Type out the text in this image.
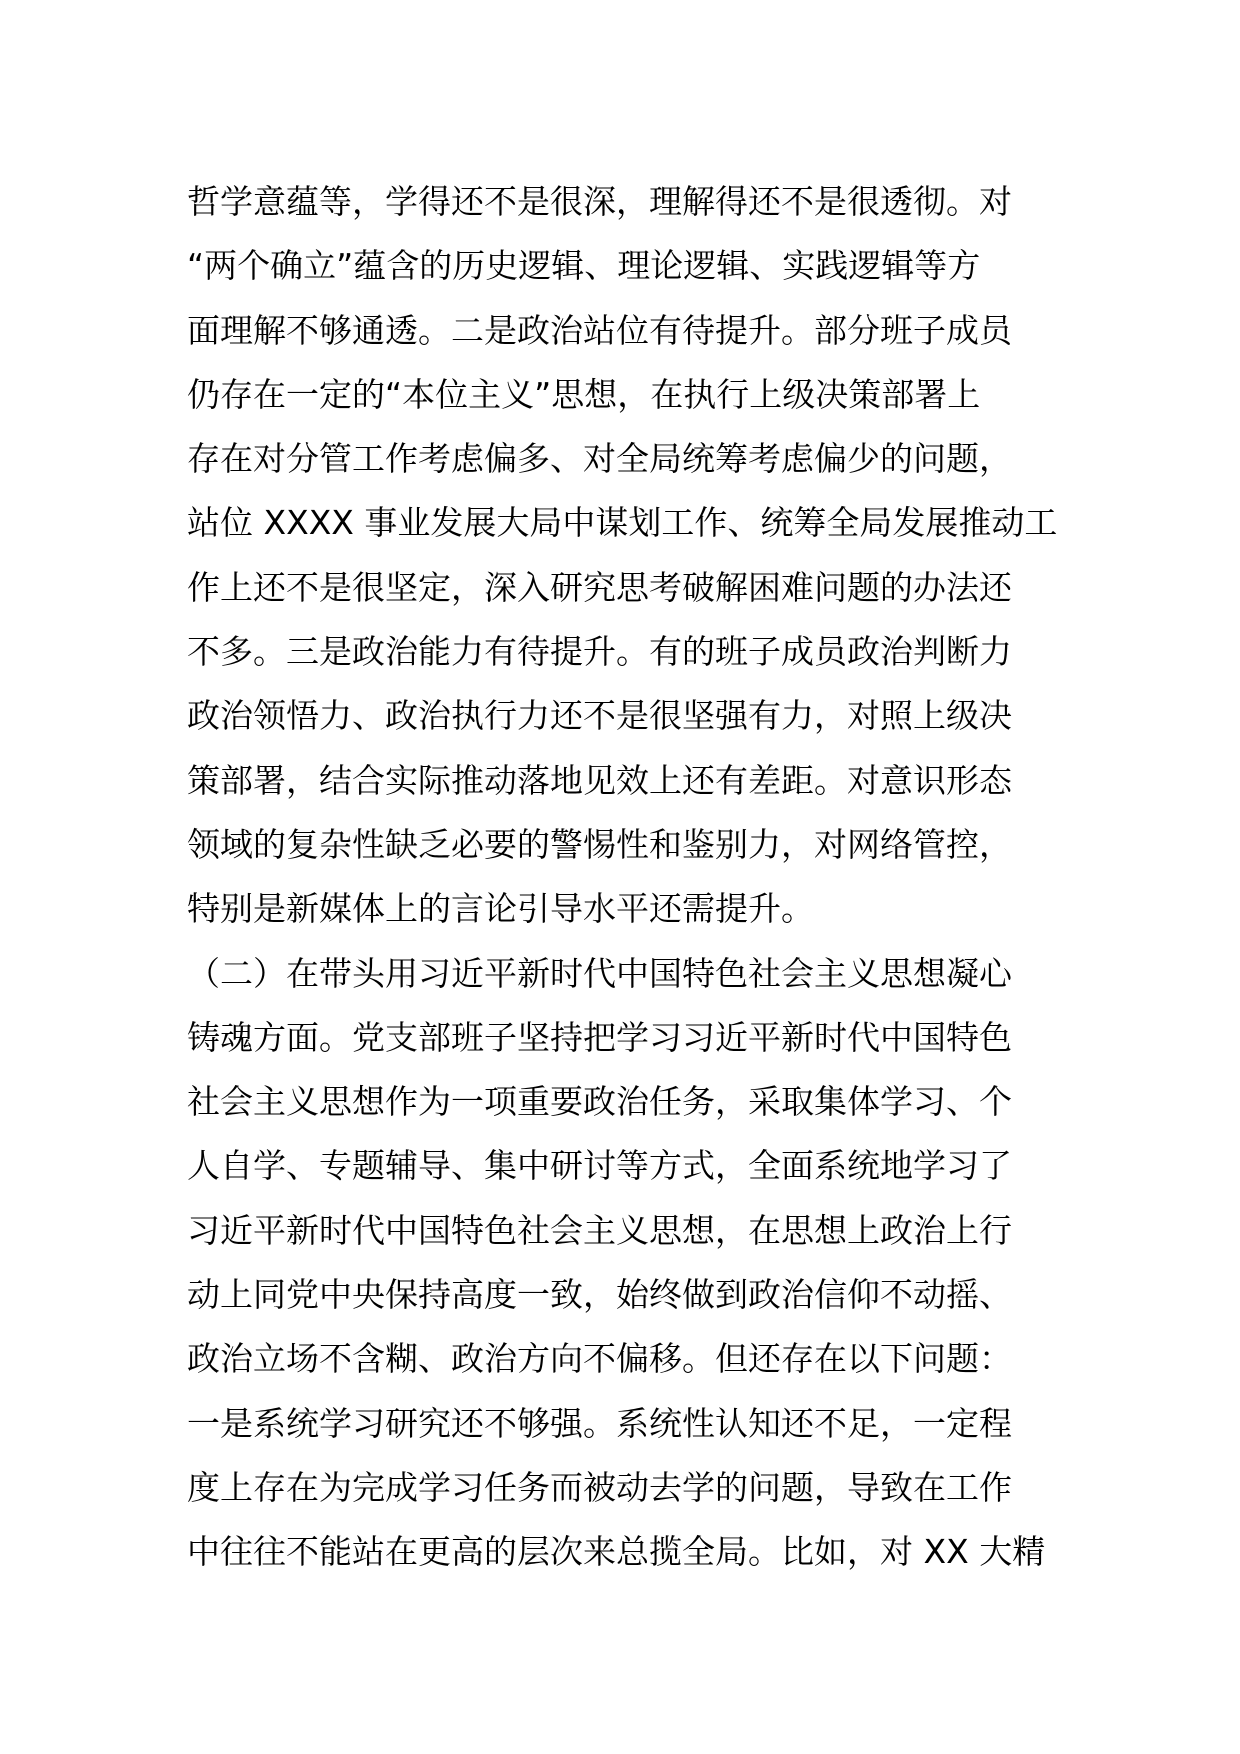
哲学意蕴等，学得还不是很深，理解得还不是很透彻。对
“两个确立”蕴含的历史逻辑、理论逻辑、实践逻辑等方
面理解不够通透。二是政治站位有待提升。部分班子成员
仍存在一定的“本位主义”思想，在执行上级决策部署上
存在对分管工作考虑偏多、对全局统筹考虑偏少的问题，
站位 XXXX 事业发展大局中谋划工作、统筹全局发展推动工
作上还不是很坚定，深入研究思考破解困难问题的办法还
不多。三是政治能力有待提升。有的班子成员政治判断力
政治领悟力、政治执行力还不是很坚强有力，对照上级决
策部署，结合实际推动落地见效上还有差距。对意识形态
领域的复杂性缺乏必要的警惕性和鉴别力，对网络管控，
特别是新媒体上的言论引导水平还需提升。
（二）在带头用习近平新时代中国特色社会主义思想凝心
铸魂方面。党支部班子坚持把学习习近平新时代中国特色
社会主义思想作为一项重要政治任务，采取集体学习、个
人自学、专题辅导、集中研讨等方式，全面系统地学习了
习近平新时代中国特色社会主义思想，在思想上政治上行
动上同党中央保持高度一致，始终做到政治信仰不动摇、
政治立场不含糊、政治方向不偏移。但还存在以下问题：
一是系统学习研究还不够强。系统性认知还不足，一定程
度上存在为完成学习任务而被动去学的问题，导致在工作
中往往不能站在更高的层次来总揽全局。比如，对 XX 大精
